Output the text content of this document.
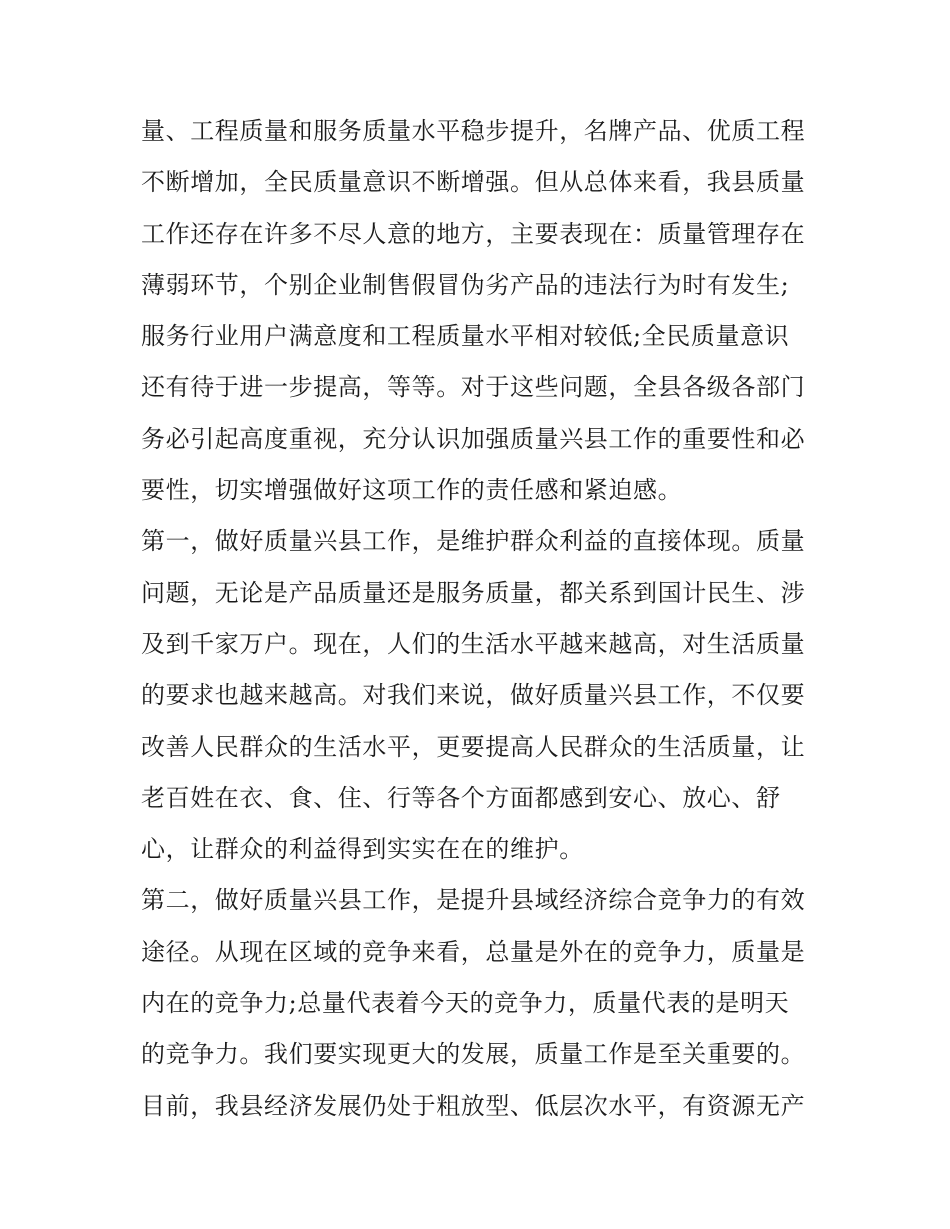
量、工程质量和服务质量水平稳步提升，名牌产品、优质工程
不断增加，全民质量意识不断增强。但从总体来看，我县质量
工作还存在许多不尽人意的地方，主要表现在：质量管理存在
薄弱环节，个别企业制售假冒伪劣产品的违法行为时有发生;
服务行业用户满意度和工程质量水平相对较低;全民质量意识
还有待于进一步提高，等等。对于这些问题，全县各级各部门
务必引起高度重视，充分认识加强质量兴县工作的重要性和必
要性，切实增强做好这项工作的责任感和紧迫感。
第一，做好质量兴县工作，是维护群众利益的直接体现。质量
问题，无论是产品质量还是服务质量，都关系到国计民生、涉
及到千家万户。现在，人们的生活水平越来越高，对生活质量
的要求也越来越高。对我们来说，做好质量兴县工作，不仅要
改善人民群众的生活水平，更要提高人民群众的生活质量，让
老百姓在衣、食、住、行等各个方面都感到安心、放心、舒
心，让群众的利益得到实实在在的维护。
第二，做好质量兴县工作，是提升县域经济综合竞争力的有效
途径。从现在区域的竞争来看，总量是外在的竞争力，质量是
内在的竞争力;总量代表着今天的竞争力，质量代表的是明天
的竞争力。我们要实现更大的发展，质量工作是至关重要的。
目前，我县经济发展仍处于粗放型、低层次水平，有资源无产
